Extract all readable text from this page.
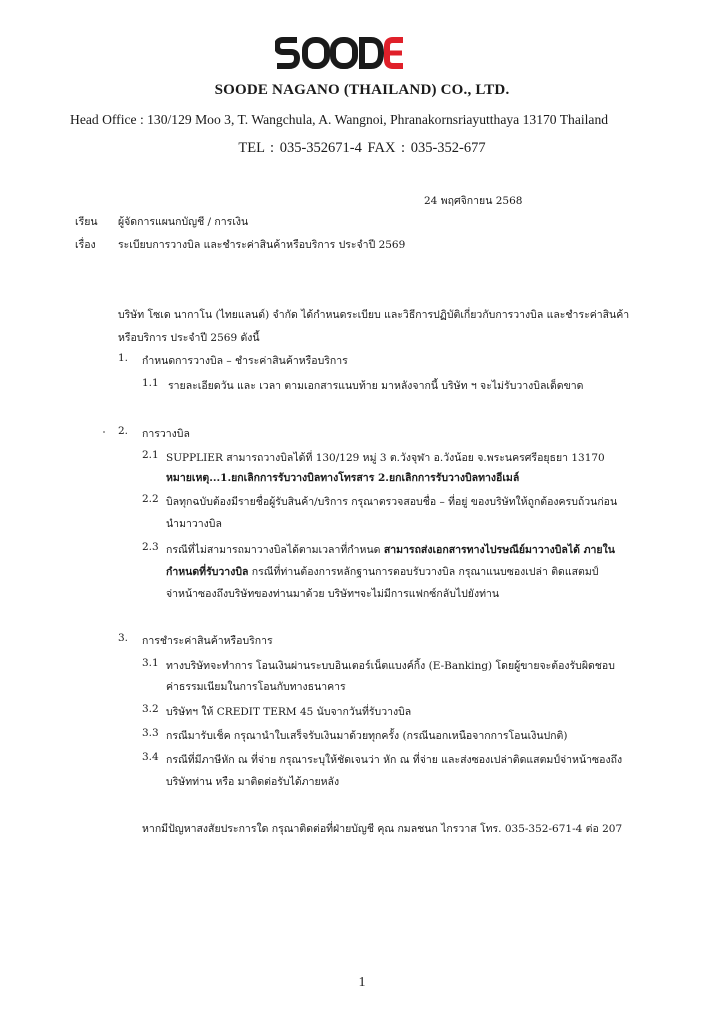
SOODE NAGANO (THAILAND) CO., LTD.
Head Office : 130/129 Moo 3, T. Wangchula, A. Wangnoi, Phranakornsriayutthaya 13170 Thailand
TEL : 035-352671-4 FAX : 035-352-677
24 พฤศจิกายน 2568
เรียน ผู้จัดการแผนกบัญชี / การเงิน
เรื่อง ระเบียบการวางบิล และชำระค่าสินค้าหรือบริการ ประจำปี 2569
บริษัท โซเด นากาโน (ไทยแลนด์) จำกัด ได้กำหนดระเบียบ และวิธีการปฏิบัติเกี่ยวกับการวางบิล และชำระค่าสินค้า
หรือบริการ ประจำปี 2569 ดังนี้
1. กำหนดการวางบิล – ชำระค่าสินค้าหรือบริการ
1.1 รายละเอียดวัน และ เวลา ตามเอกสารแนบท้าย มาหลังจากนี้ บริษัท ฯ จะไม่รับวางบิลเด็ดขาด
2. การวางบิล
2.1 SUPPLIER สามารถวางบิลได้ที่ 130/129 หมู่ 3 ต.วังจุฬา อ.วังน้อย จ.พระนครศรีอยุธยา 13170
หมายเหตุ...1.ยกเลิกการรับวางบิลทางโทรสาร 2.ยกเลิกการรับวางบิลทางอีเมล์
2.2 บิลทุกฉบับต้องมีรายชื่อผู้รับสินค้า/บริการ กรุณาตรวจสอบชื่อ – ที่อยู่ ของบริษัทให้ถูกต้องครบถ้วนก่อน
นำมาวางบิล
2.3 กรณีที่ไม่สามารถมาวางบิลได้ตามเวลาที่กำหนด สามารถส่งเอกสารทางไปรษณีย์มาวางบิลได้ ภายใน
กำหนดที่รับวางบิล กรณีที่ท่านต้องการหลักฐานการตอบรับวางบิล กรุณาแนบซองเปล่า ติดแสตมป์
จ่าหน้าซองถึงบริษัทของท่านมาด้วย บริษัทฯจะไม่มีการแฟกซ์กลับไปยังท่าน
3. การชำระค่าสินค้าหรือบริการ
3.1 ทางบริษัทจะทำการ โอนเงินผ่านระบบอินเตอร์เน็ตแบงค์กิ้ง (E-Banking) โดยผู้ขายจะต้องรับผิดชอบ
ค่าธรรมเนียมในการโอนกับทางธนาคาร
3.2 บริษัทฯ ให้ CREDIT TERM 45 นับจากวันที่รับวางบิล
3.3 กรณีมารับเช็ค กรุณานำใบเสร็จรับเงินมาด้วยทุกครั้ง (กรณีนอกเหนือจากการโอนเงินปกติ)
3.4 กรณีที่มีภาษีหัก ณ ที่จ่าย กรุณาระบุให้ชัดเจนว่า หัก ณ ที่จ่าย และส่งซองเปล่าติดแสตมป์จ่าหน้าซองถึง
บริษัทท่าน หรือ มาติดต่อรับได้ภายหลัง
หากมีปัญหาสงสัยประการใด กรุณาติดต่อที่ฝ่ายบัญชี คุณ กมลชนก ไกรวาส โทร. 035-352-671-4 ต่อ 207
1
